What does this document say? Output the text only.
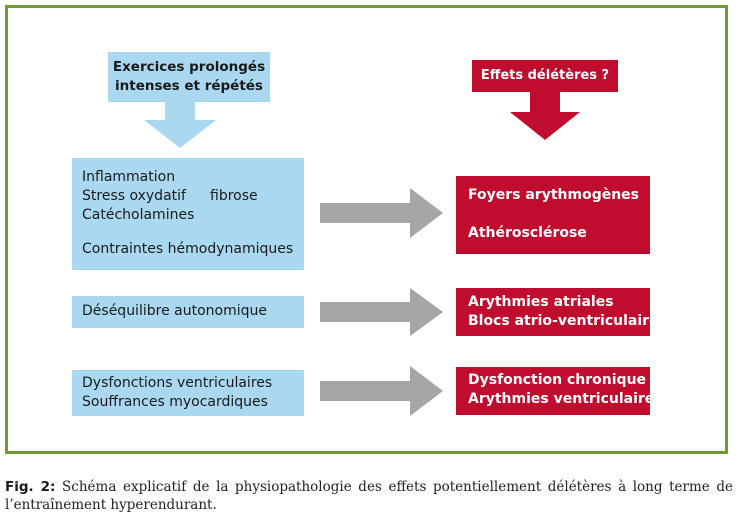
Exercices prolongés
intenses et répétés
Effets délétères ?
Inflammation
Stress oxydatif
Catécholamines
Contraintes hémodynamiques
fibrose	Foyers arythmogènes
Athérosclérose
Déséquilibre autonomique
Arythmies atriales
Blocs atrio-ventriculaires
Dysfonctions ventriculaires
Souffrances myocardiques
Dysfonction chronique
Arythmies ventriculaires
Fig. 2: Schéma explicatif de la physiopathologie des effets potentiellement délétères à long terme de l’entraînement hyperendurant.
